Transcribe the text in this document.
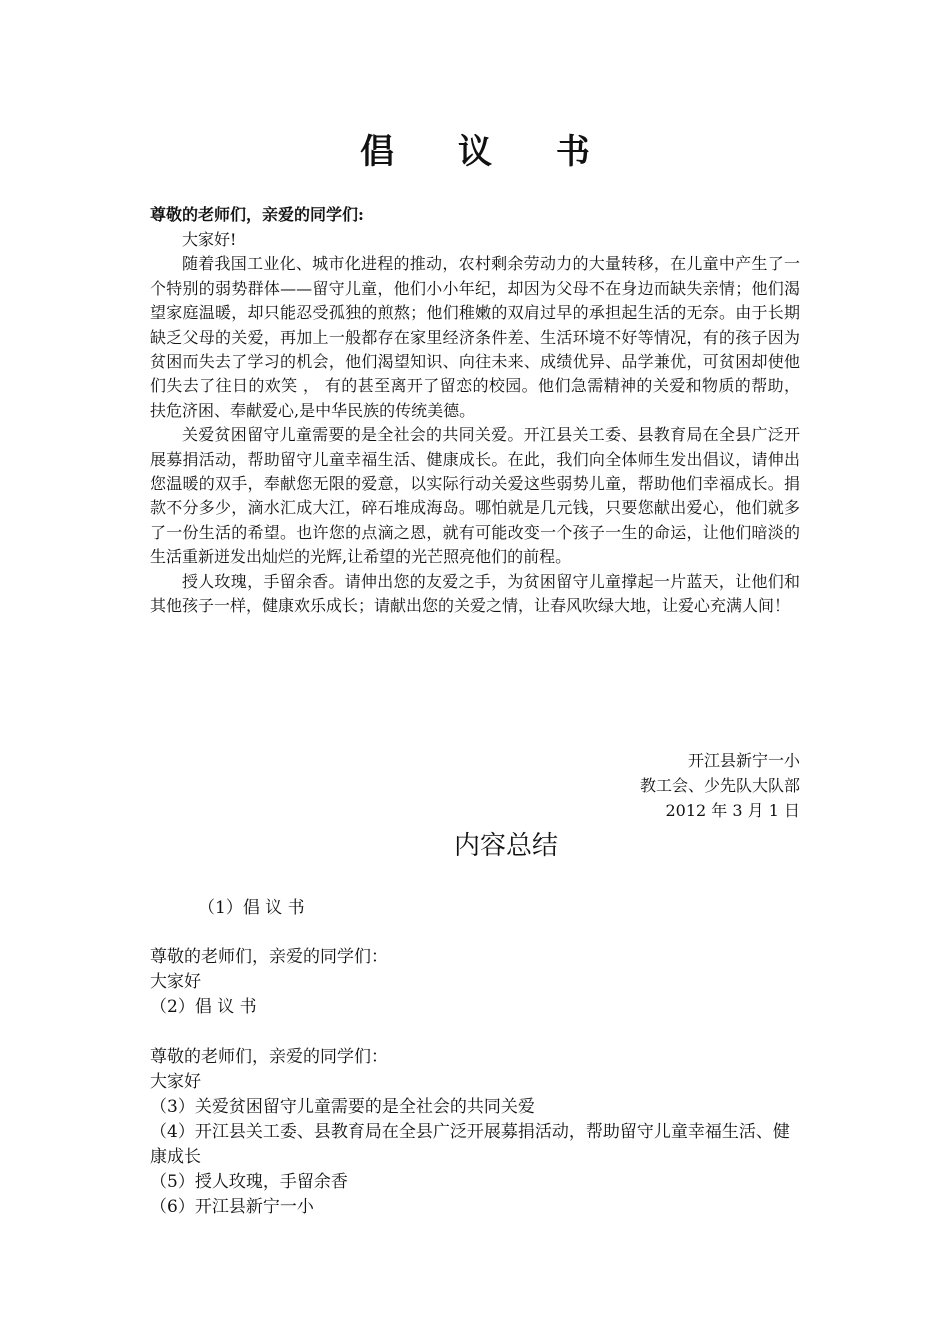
倡 议 书
尊敬的老师们，亲爱的同学们:

大家好!

随着我国工业化、城市化进程的推动，农村剩余劳动力的大量转移，在儿童中产生了一个特别的弱势群体——留守儿童，他们小小年纪，却因为父母不在身边而缺失亲情；他们渴望家庭温暖，却只能忍受孤独的煎熬；他们稚嫩的双肩过早的承担起生活的无奈。由于长期缺乏父母的关爱，再加上一般都存在家里经济条件差、生活环境不好等情况，有的孩子因为贫困而失去了学习的机会，他们渴望知识、向往未来、成绩优异、品学兼优，可贫困却使他们失去了往日的欢笑 ， 有的甚至离开了留恋的校园。他们急需精神的关爱和物质的帮助，扶危济困、奉献爱心,是中华民族的传统美德。

关爱贫困留守儿童需要的是全社会的共同关爱。开江县关工委、县教育局在全县广泛开展募捐活动，帮助留守儿童幸福生活、健康成长。在此，我们向全体师生发出倡议，请伸出您温暖的双手，奉献您无限的爱意，以实际行动关爱这些弱势儿童，帮助他们幸福成长。捐款不分多少，滴水汇成大江，碎石堆成海岛。哪怕就是几元钱，只要您献出爱心，他们就多了一份生活的希望。也许您的点滴之恩，就有可能改变一个孩子一生的命运，让他们暗淡的生活重新迸发出灿烂的光辉,让希望的光芒照亮他们的前程。

授人玫瑰，手留余香。请伸出您的友爱之手，为贫困留守儿童撑起一片蓝天，让他们和其他孩子一样，健康欢乐成长；请献出您的关爱之情，让春风吹绿大地，让爱心充满人间！

开江县新宁一小
教工会、少先队大队部
2012 年 3 月 1 日
内容总结
（1）倡 议 书
尊敬的老师们，亲爱的同学们：
大家好
（2）倡 议 书
尊敬的老师们，亲爱的同学们：
大家好
（3）关爱贫困留守儿童需要的是全社会的共同关爱
（4）开江县关工委、县教育局在全县广泛开展募捐活动，帮助留守儿童幸福生活、健康成长
（5）授人玫瑰，手留余香
（6）开江县新宁一小
